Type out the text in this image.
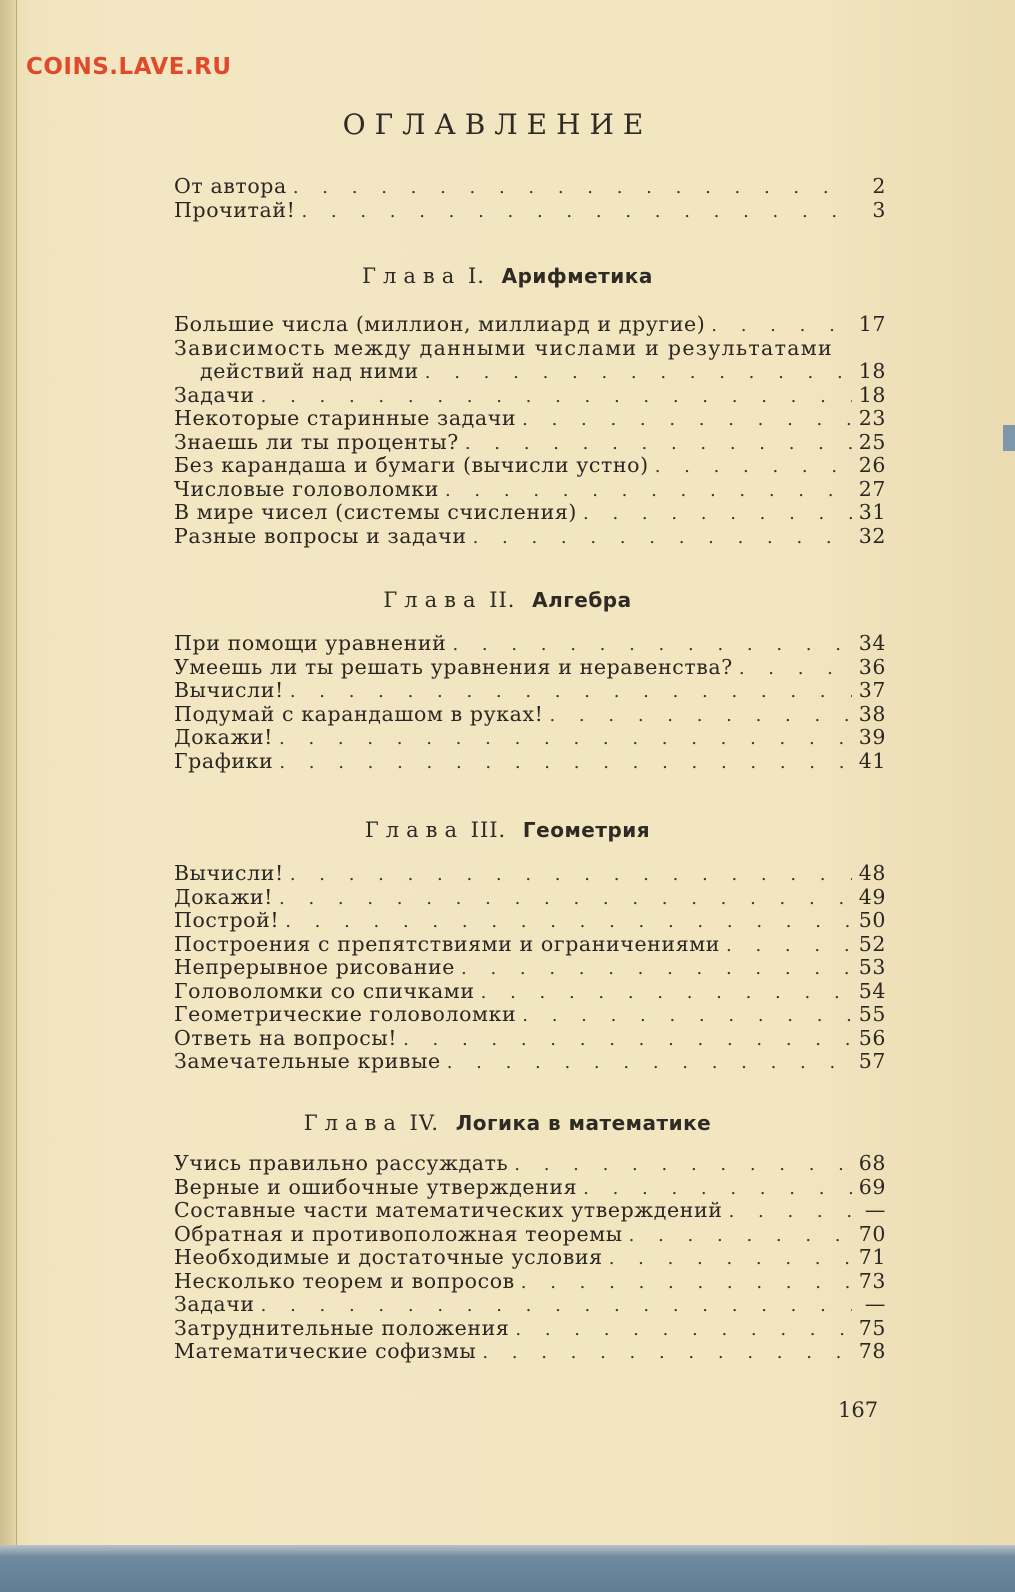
COINS.LAVE.RU
ОГЛАВЛЕНИЕ
От автора . . .	2
Прочитай! . . .	3
Глава I. Арифметика
Большие числа (миллион, миллиард и другие) . . .	17
Зависимость между данными числами и результатами
действий над ними . . .	18
Задачи . . .	18
Некоторые старинные задачи . . .	23
Знаешь ли ты проценты? . . .	25
Без карандаша и бумаги (вычисли устно) . . .	26
Числовые головоломки . . .	27
В мире чисел (системы счисления) . . .	31
Разные вопросы и задачи . . .	32
Глава II. Алгебра
При помощи уравнений . . .	34
Умеешь ли ты решать уравнения и неравенства? . . .	36
Вычисли! . . .	37
Подумай с карандашом в руках! . . .	38
Докажи! . . .	39
Графики . . .	41
Глава III. Геометрия
Вычисли! . . .	48
Докажи! . . .	49
Построй! . . .	50
Построения с препятствиями и ограничениями . . .	52
Непрерывное рисование . . .	53
Головоломки со спичками . . .	54
Геометрические головоломки . . .	55
Ответь на вопросы! . . .	56
Замечательные кривые . . .	57
Глава IV. Логика в математике
Учись правильно рассуждать . . .	68
Верные и ошибочные утверждения . . .	69
Составные части математических утверждений . . .	—
Обратная и противоположная теоремы . . .	70
Необходимые и достаточные условия . . .	71
Несколько теорем и вопросов . . .	73
Задачи . . .	—
Затруднительные положения . . .	75
Математические софизмы . . .	78
167
